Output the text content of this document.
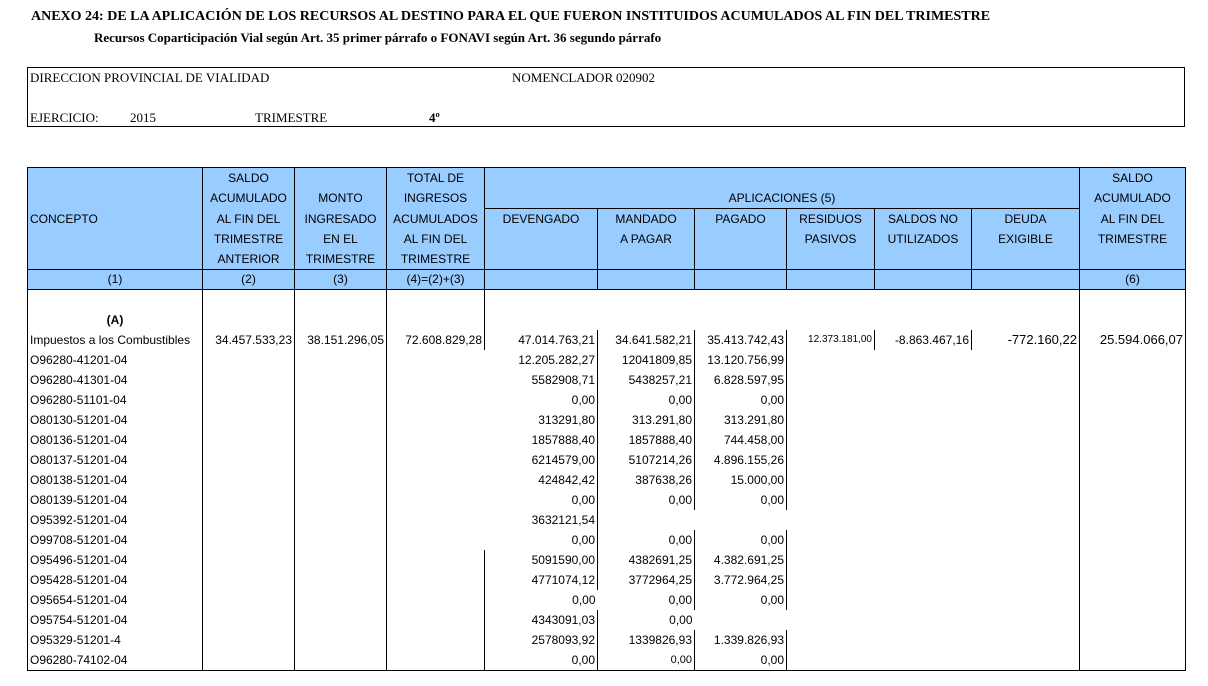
ANEXO 24: DE LA APLICACIÓN DE LOS RECURSOS AL DESTINO PARA EL QUE FUERON INSTITUIDOS ACUMULADOS AL FIN DEL TRIMESTRE
Recursos Coparticipación Vial según Art. 35 primer párrafo o FONAVI según Art. 36 segundo párrafo
DIRECCION PROVINCIAL DE VIALIDAD	NOMENCLADOR 020902
EJERCICIO: 2015	TRIMESTRE	4º
	SALDO		TOTAL DE							SALDO
	ACUMULADO	MONTO	INGRESOS	APLICACIONES (5)						ACUMULADO
CONCEPTO	AL FIN DEL	INGRESADO	ACUMULADOS	DEVENGADO	MANDADO	PAGADO	RESIDUOS	SALDOS NO	DEUDA	AL FIN DEL
	TRIMESTRE	EN EL	AL FIN DEL		A PAGAR		PASIVOS	UTILIZADOS	EXIGIBLE	TRIMESTRE
	ANTERIOR	TRIMESTRE	TRIMESTRE							
(1)	(2)	(3)	(4)=(2)+(3)							(6)

(A)										
Impuestos a los Combustibles	34.457.533,23	38.151.296,05	72.608.829,28	47.014.763,21	34.641.582,21	35.413.742,43	12.373.181,00	-8.863.467,16	-772.160,22	25.594.066,07
O96280-41201-04				12.205.282,27	12041809,85	13.120.756,99				
O96280-41301-04				5582908,71	5438257,21	6.828.597,95				
O96280-51101-04				0,00	0,00	0,00				
O80130-51201-04				313291,80	313.291,80	313.291,80				
O80136-51201-04				1857888,40	1857888,40	744.458,00				
O80137-51201-04				6214579,00	5107214,26	4.896.155,26				
O80138-51201-04				424842,42	387638,26	15.000,00				
O80139-51201-04				0,00	0,00	0,00				
O95392-51201-04				3632121,54						
O99708-51201-04				0,00	0,00	0,00				
O95496-51201-04				5091590,00	4382691,25	4.382.691,25				
O95428-51201-04				4771074,12	3772964,25	3.772.964,25				
O95654-51201-04				0,00	0,00	0,00				
O95754-51201-04				4343091,03	0,00					
O95329-51201-4				2578093,92	1339826,93	1.339.826,93				
O96280-74102-04				0,00	0,00	0,00				
